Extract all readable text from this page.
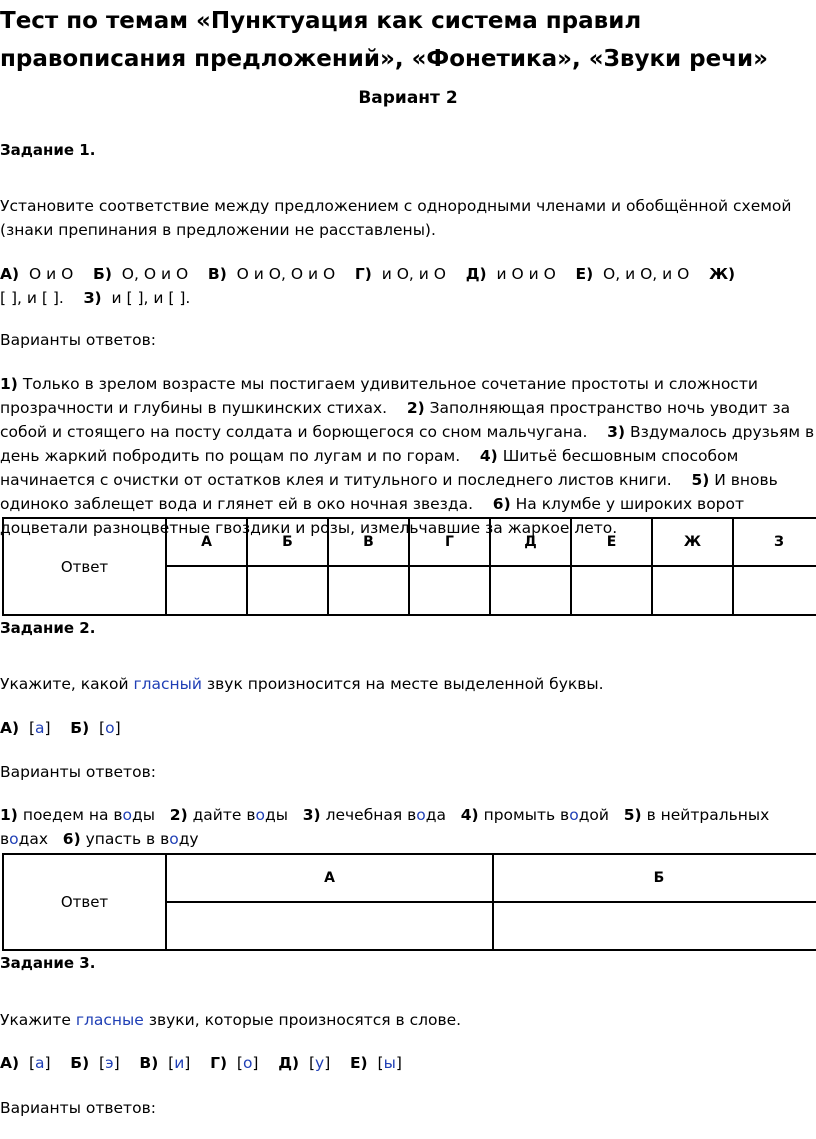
Тест по темам «Пунктуация как система правил правописания предложений», «Фонетика», «Звуки речи»
Вариант 2
Задание 1.
Установите соответствие между предложением с однородными членами и обобщённой схемой (знаки препинания в предложении не расставлены).
А) О и О Б) О, О и О В) О и О, О и О Г) и О, и О Д) и О и О Е) О, и О, и О Ж)
[ ], и [ ]. З) и [ ], и [ ].
Варианты ответов:
1) Только в зрелом возрасте мы постигаем удивительное сочетание простоты и сложности прозрачности и глубины в пушкинских стихах. 2) Заполняющая пространство ночь уводит за собой и стоящего на посту солдата и борющегося со сном мальчугана. 3) Вздумалось друзьям в день жаркий побродить по рощам по лугам и по горам. 4) Шитьё бесшовным способом начинается с очистки от остатков клея и титульного и последнего листов книги. 5) И вновь одиноко заблещет вода и глянет ей в око ночная звезда. 6) На клумбе у широких ворот доцветали разноцветные гвоздики и розы, измельчавшие за жаркое лето.
Ответ	А	Б	В	Г	Д	Е	Ж	З

Задание 2.
Укажите, какой гласный звук произносится на месте выделенной буквы.
А)  [а] Б)  [о]
Варианты ответов:
1) поедем на воды 2) дайте воды 3) лечебная вода 4) промыть водой 5) в нейтральных водах 6) упасть в воду
Ответ	А	Б

Задание 3.
Укажите гласные звуки, которые произносятся в слове.
А)  [а] Б)  [э] В)  [и] Г)  [о] Д)  [у] Е)  [ы]
Варианты ответов:
